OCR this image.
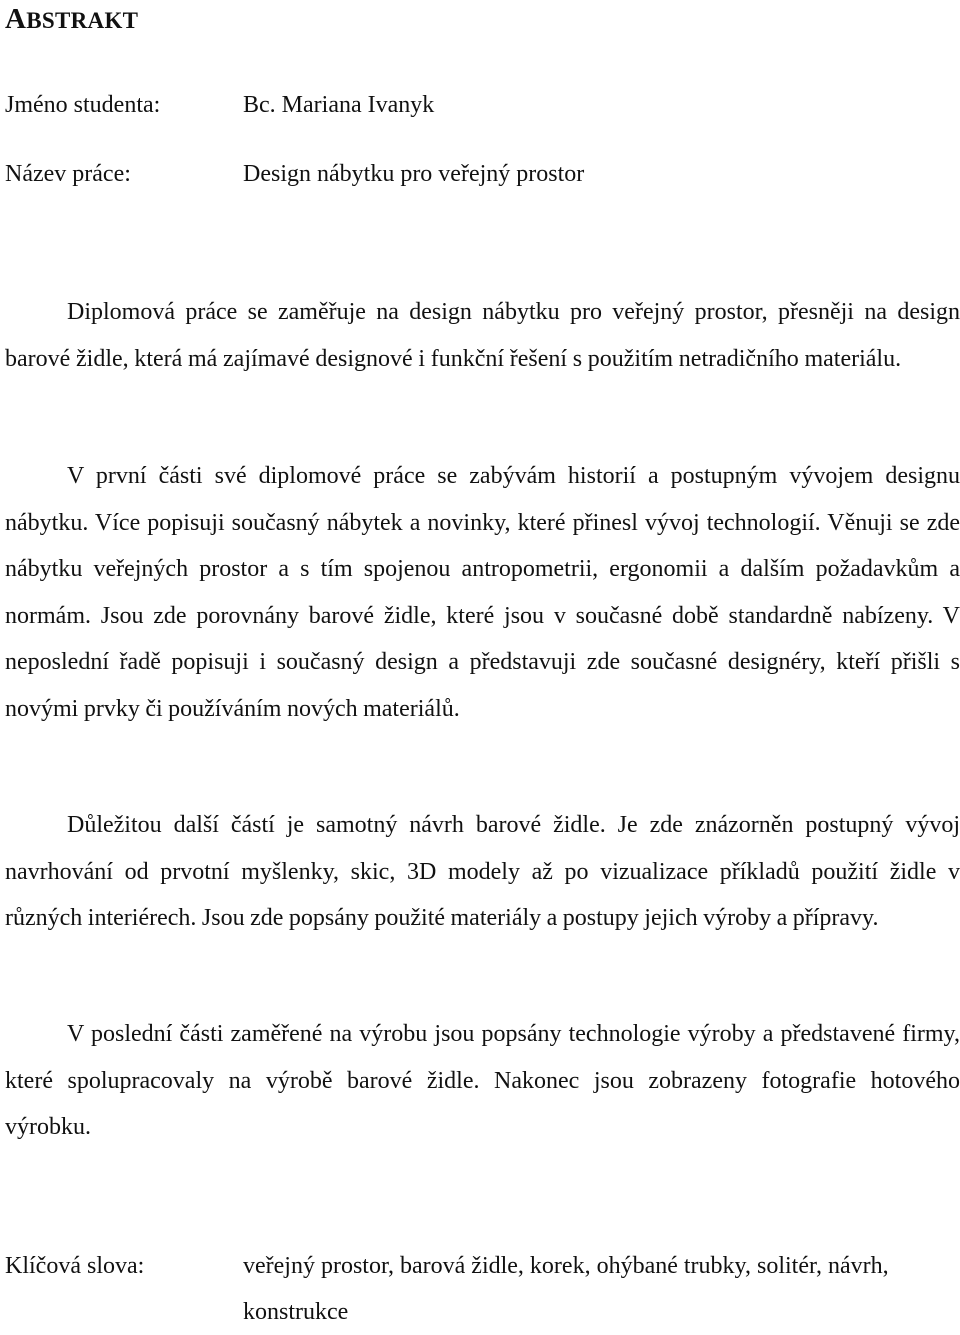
ABSTRAKT
Jméno studenta:	Bc. Mariana Ivanyk
Název práce:	Design nábytku pro veřejný prostor

Diplomová práce se zaměřuje na design nábytku pro veřejný prostor, přesněji na design barové židle, která má zajímavé designové i funkční řešení s použitím netradičního materiálu.

V první části své diplomové práce se zabývám historií a postupným vývojem designu nábytku. Více popisuji současný nábytek a novinky, které přinesl vývoj technologií. Věnuji se zde nábytku veřejných prostor a s tím spojenou antropometrii, ergonomii a dalším požadavkům a normám. Jsou zde porovnány barové židle, které jsou v současné době standardně nabízeny. V neposlední řadě popisuji i současný design a představuji zde současné designéry, kteří přišli s novými prvky či používáním nových materiálů.

Důležitou další částí je samotný návrh barové židle. Je zde znázorněn postupný vývoj navrhování od prvotní myšlenky, skic, 3D modely až po vizualizace příkladů použití židle v různých interiérech. Jsou zde popsány použité materiály a postupy jejich výroby a přípravy.

V poslední části zaměřené na výrobu jsou popsány technologie výroby a představené firmy, které spolupracovaly na výrobě barové židle. Nakonec jsou zobrazeny fotografie hotového výrobku.

Klíčová slova:	veřejný prostor, barová židle, korek, ohýbané trubky, solitér, návrh, konstrukce
